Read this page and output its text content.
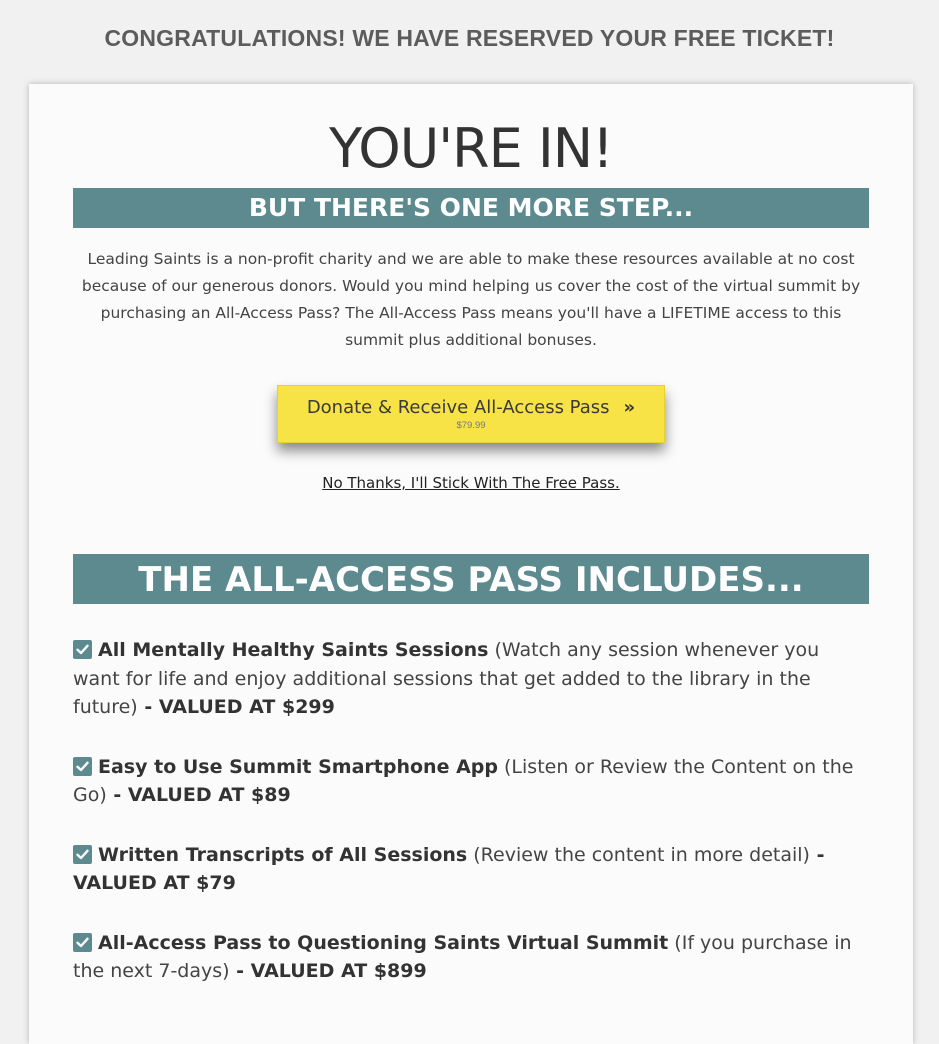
CONGRATULATIONS! WE HAVE RESERVED YOUR FREE TICKET!
YOU'RE IN!
BUT THERE'S ONE MORE STEP...

Leading Saints is a non-profit charity and we are able to make these resources available at no cost because of our generous donors. Would you mind helping us cover the cost of the virtual summit by purchasing an All-Access Pass? The All-Access Pass means you'll have a LIFETIME access to this summit plus additional bonuses.

Donate & Receive All-Access Pass »
$79.99
No Thanks, I'll Stick With The Free Pass.
THE ALL-ACCESS PASS INCLUDES...
All Mentally Healthy Saints Sessions (Watch any session whenever you want for life and enjoy additional sessions that get added to the library in the future) - VALUED AT $299
Easy to Use Summit Smartphone App (Listen or Review the Content on the Go) - VALUED AT $89
Written Transcripts of All Sessions (Review the content in more detail) - VALUED AT $79
All-Access Pass to Questioning Saints Virtual Summit (If you purchase in the next 7-days) - VALUED AT $899
